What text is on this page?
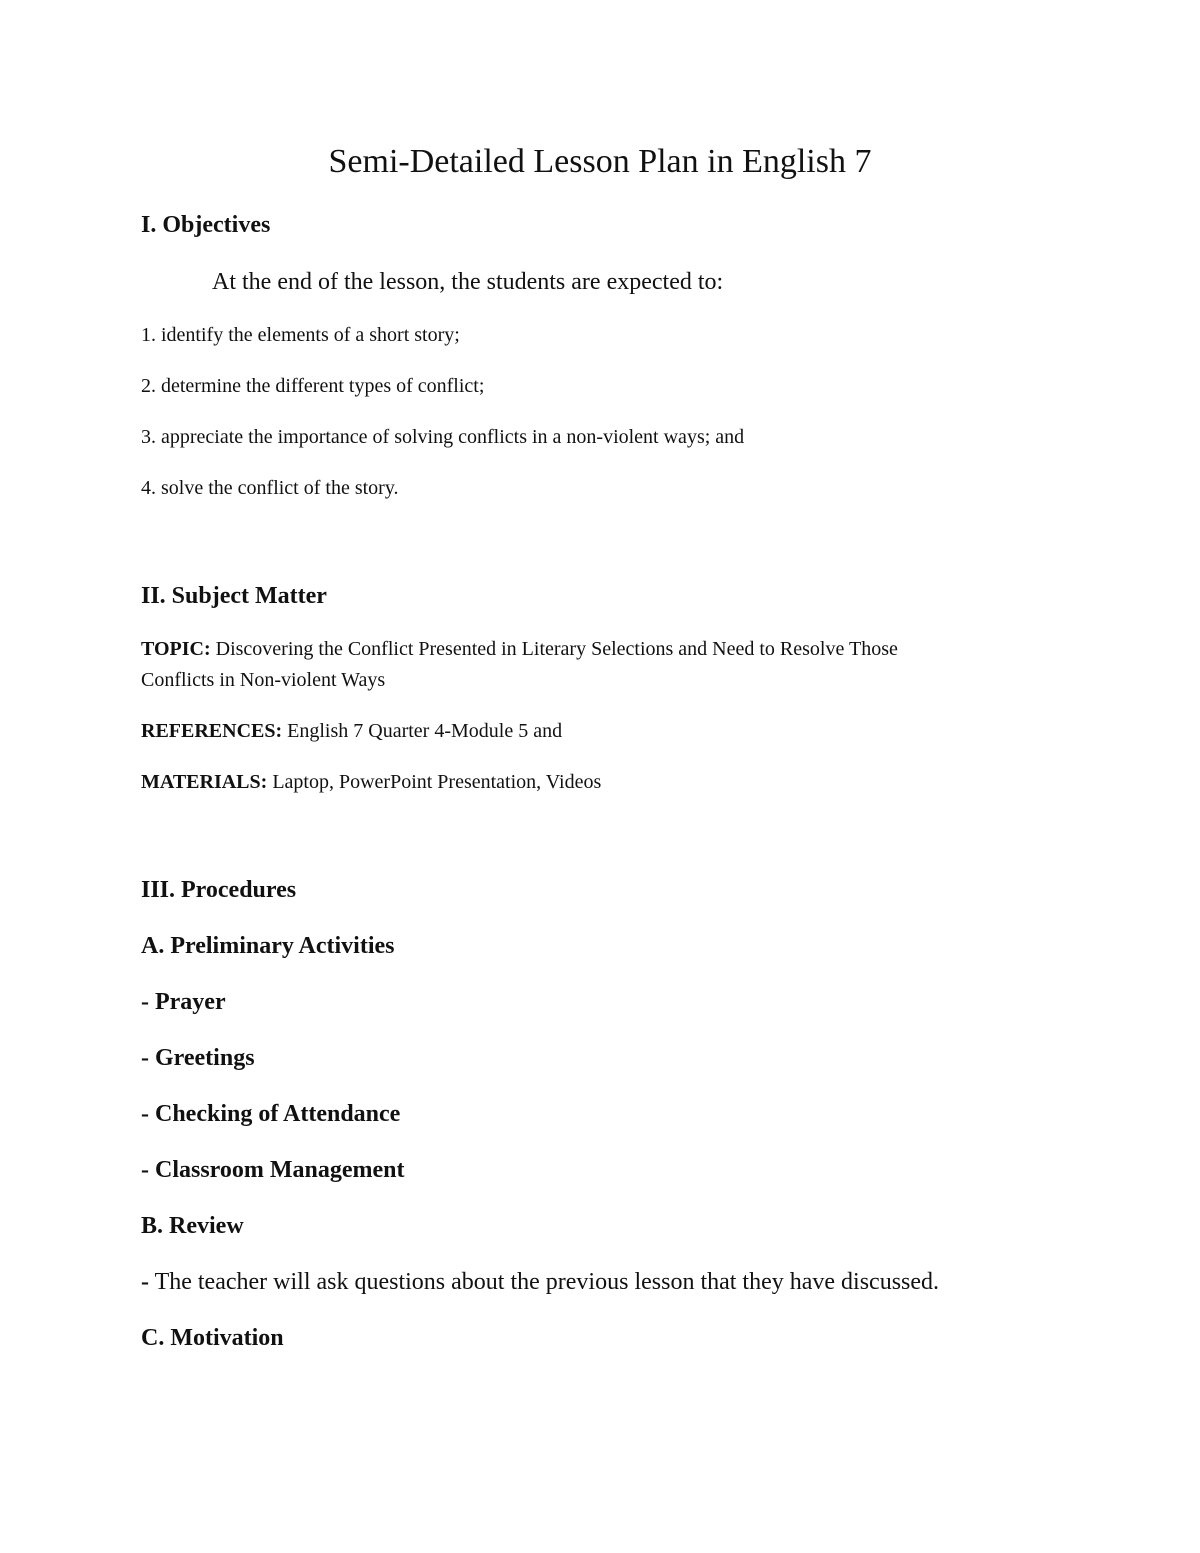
Semi-Detailed Lesson Plan in English 7
I. Objectives
At the end of the lesson, the students are expected to:
1. identify the elements of a short story;
2. determine the different types of conflict;
3. appreciate the importance of solving conflicts in a non-violent ways; and
4. solve the conflict of the story.
II. Subject Matter
TOPIC: Discovering the Conflict Presented in Literary Selections and Need to Resolve Those
Conflicts in Non-violent Ways
REFERENCES: English 7 Quarter 4-Module 5 and
MATERIALS: Laptop, PowerPoint Presentation, Videos
III. Procedures
A. Preliminary Activities
- Prayer
- Greetings
- Checking of Attendance
- Classroom Management
B. Review
- The teacher will ask questions about the previous lesson that they have discussed.
C. Motivation
